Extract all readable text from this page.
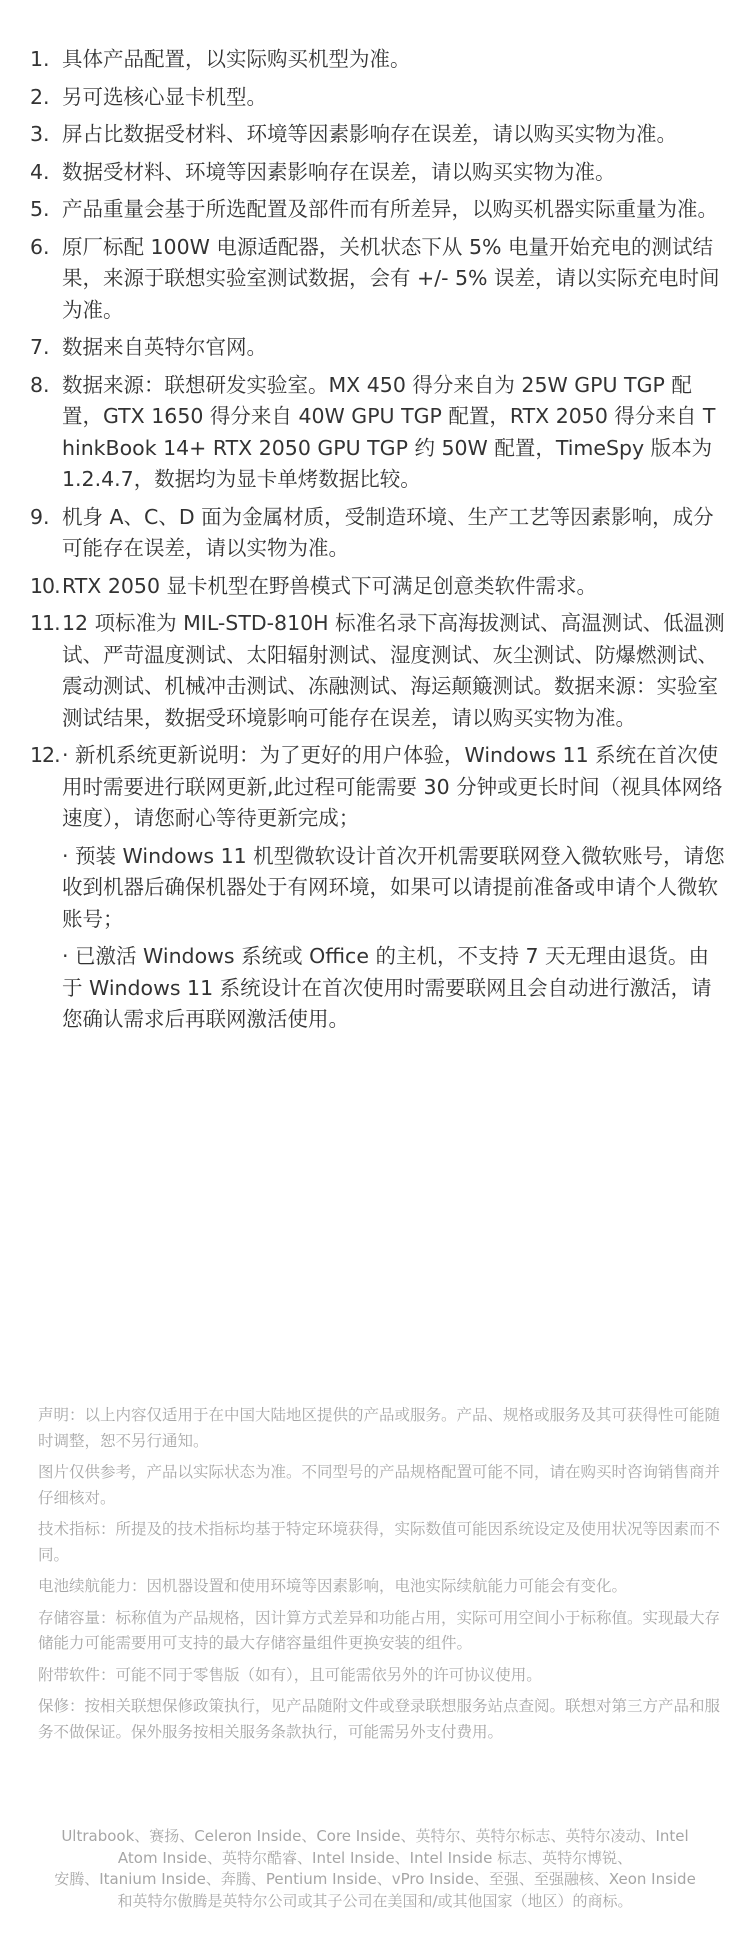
1. 具体产品配置，以实际购买机型为准。
2. 另可选核心显卡机型。
3. 屏占比数据受材料、环境等因素影响存在误差，请以购买实物为准。
4. 数据受材料、环境等因素影响存在误差，请以购买实物为准。
5. 产品重量会基于所选配置及部件而有所差异，以购买机器实际重量为准。
6. 原厂标配 100W 电源适配器，关机状态下从 5% 电量开始充电的测试结果，来源于联想实验室测试数据，会有 +/- 5% 误差，请以实际充电时间为准。
7. 数据来自英特尔官网。
8. 数据来源：联想研发实验室。MX 450 得分来自为 25W GPU TGP 配置，GTX 1650 得分来自 40W GPU TGP 配置，RTX 2050 得分来自 ThinkBook 14+ RTX 2050 GPU TGP 约 50W 配置，TimeSpy 版本为 1.2.4.7，数据均为显卡单烤数据比较。
9. 机身 A、C、D 面为金属材质，受制造环境、生产工艺等因素影响，成分可能存在误差，请以实物为准。
10. RTX 2050 显卡机型在野兽模式下可满足创意类软件需求。
11. 12 项标准为 MIL-STD-810H 标准名录下高海拔测试、高温测试、低温测试、严苛温度测试、太阳辐射测试、湿度测试、灰尘测试、防爆燃测试、震动测试、机械冲击测试、冻融测试、海运颠簸测试。数据来源：实验室测试结果，数据受环境影响可能存在误差，请以购买实物为准。
12. · 新机系统更新说明：为了更好的用户体验，Windows 11 系统在首次使用时需要进行联网更新,此过程可能需要 30 分钟或更长时间（视具体网络速度），请您耐心等待更新完成；
· 预装 Windows 11 机型微软设计首次开机需要联网登入微软账号，请您收到机器后确保机器处于有网环境，如果可以请提前准备或申请个人微软账号；
· 已激活 Windows 系统或 Office 的主机，不支持 7 天无理由退货。由于 Windows 11 系统设计在首次使用时需要联网且会自动进行激活，请您确认需求后再联网激活使用。

声明：以上内容仅适用于在中国大陆地区提供的产品或服务。产品、规格或服务及其可获得性可能随时调整，恕不另行通知。

图片仅供参考，产品以实际状态为准。不同型号的产品规格配置可能不同，请在购买时咨询销售商并仔细核对。

技术指标：所提及的技术指标均基于特定环境获得，实际数值可能因系统设定及使用状况等因素而不同。

电池续航能力：因机器设置和使用环境等因素影响，电池实际续航能力可能会有变化。

存储容量：标称值为产品规格，因计算方式差异和功能占用，实际可用空间小于标称值。实现最大存储能力可能需要用可支持的最大存储容量组件更换安装的组件。

附带软件：可能不同于零售版（如有），且可能需依另外的许可协议使用。

保修：按相关联想保修政策执行，见产品随附文件或登录联想服务站点查阅。联想对第三方产品和服务不做保证。保外服务按相关服务条款执行，可能需另外支付费用。

Ultrabook、赛扬、Celeron Inside、Core Inside、英特尔、英特尔标志、英特尔凌动、Intel
Atom Inside、英特尔酷睿、Intel Inside、Intel Inside 标志、英特尔博锐、
安腾、Itanium Inside、奔腾、Pentium Inside、vPro Inside、至强、至强融核、Xeon Inside
和英特尔傲腾是英特尔公司或其子公司在美国和/或其他国家（地区）的商标。
